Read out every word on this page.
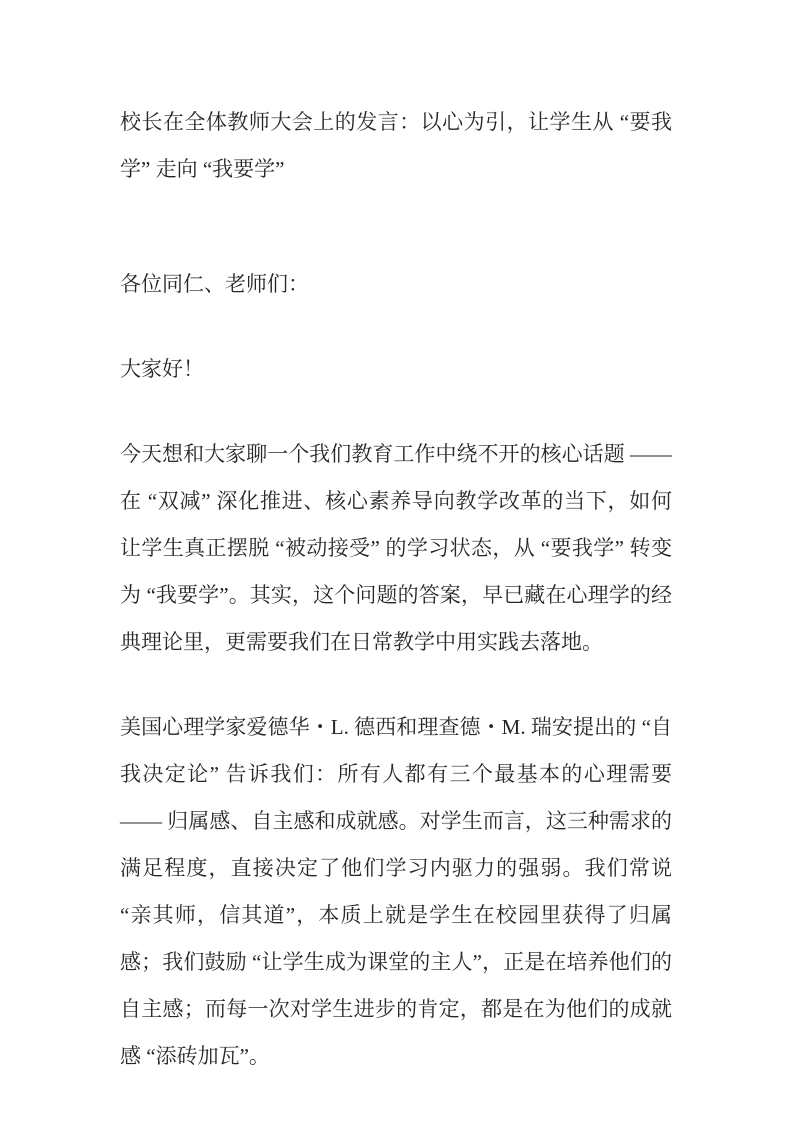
校长在全体教师大会上的发言：以心为引，让学生从 “要我学” 走向 “我要学”

各位同仁、老师们：

大家好！

今天想和大家聊一个我们教育工作中绕不开的核心话题 —— 在 “双减” 深化推进、核心素养导向教学改革的当下，如何让学生真正摆脱 “被动接受” 的学习状态，从 “要我学” 转变为 “我要学”。其实，这个问题的答案，早已藏在心理学的经典理论里，更需要我们在日常教学中用实践去落地。

美国心理学家爱德华・L. 德西和理查德・M. 瑞安提出的 “自我决定论” 告诉我们：所有人都有三个最基本的心理需要 —— 归属感、自主感和成就感。对学生而言，这三种需求的满足程度，直接决定了他们学习内驱力的强弱。我们常说 “亲其师，信其道”，本质上就是学生在校园里获得了归属感；我们鼓励 “让学生成为课堂的主人”，正是在培养他们的自主感；而每一次对学生进步的肯定，都是在为他们的成就感 “添砖加瓦”。
